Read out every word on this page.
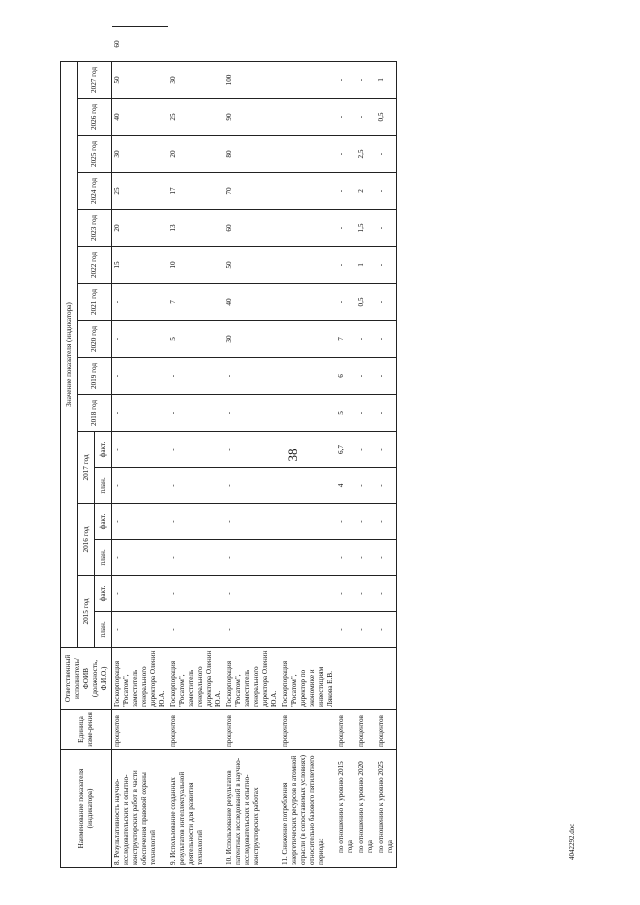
38
Наименование показателя (индикатора)	Единица изме-рения	Ответственный исполнитель/ ФОИВ (должность, Ф.И.О.)	Значение показателя (индикатора)																
			2015 год		2016 год		2017 год		2018 год	2019 год	2020 год	2021 год	2022 год	2023 год	2024 год	2025 год	2026 год	2027 год	
			план.	факт.	план.	факт.	план.	факт.											
8. Результативность научно-исследовательских и опытно-конструкторских работ в части обеспечения правовой охраны технологий	процентов	Госкорпорация "Росатом", заместитель генерального директора Оленин Ю.А.	-	-	-	-	-	-	-	-	-	-	15	20	25	30	40	50	60
9. Использование созданных результатов интеллектуальной деятельности для развития технологий	процентов	Госкорпорация "Росатом", заместитель генерального директора Оленин Ю.А.	-	-	-	-	-	-	-	-	5	7	10	13	17	20	25	30	
10. Использование результатов патентных исследований в научно-исследовательских и опытно-конструкторских работах	процентов	Госкорпорация "Росатом", заместитель генерального директора Оленин Ю.А.	-	-	-	-	-	-	-	-	30	40	50	60	70	80	90	100	
11. Снижение потребления энергетических ресурсов в атомной отрасли (в сопоставимых условиях) относительно базового пятилетнего периода:	процентов	Госкорпорация "Росатом", директор по экономике и инвестициям Лякова Е.В.																	
по отношению к уровню 2015 года	процентов		-	-	-	-	4	6,7	5	6	7	-	-	-	-	-	-	-	
по отношению к уровню 2020 года	процентов		-	-	-	-	-	-	-	-	-	0,5	1	1,5	2	2,5	-	-	
по отношению к уровню 2025 года	процентов		-	-	-	-	-	-	-	-	-	-	-	-	-	-	0,5	1	
4042292.doc
